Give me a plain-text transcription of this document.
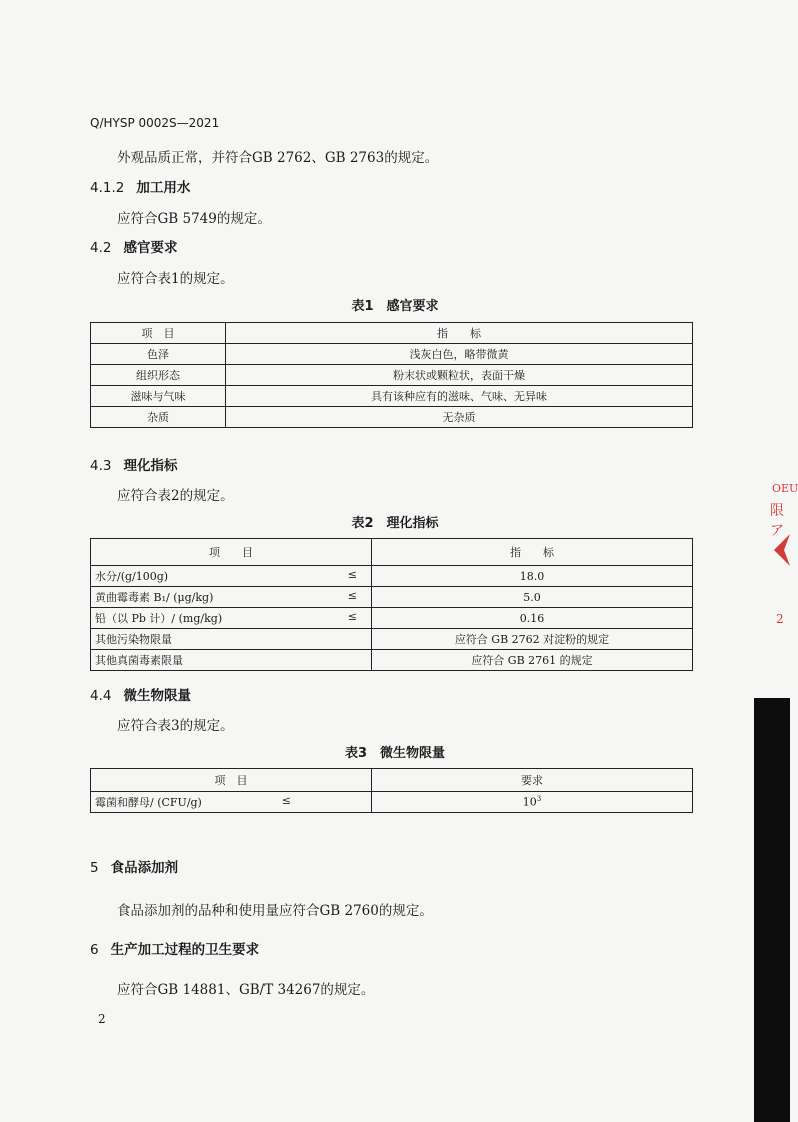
Q/HYSP 0002S—2021
外观品质正常，并符合GB 2762、GB 2763的规定。
4.1.2 加工用水
应符合GB 5749的规定。
4.2 感官要求
应符合表1的规定。
表1　感官要求
项　目	指　　标
色泽	浅灰白色，略带微黄
组织形态	粉末状或颗粒状，表面干燥
滋味与气味	具有该种应有的滋味、气味、无异味
杂质	无杂质
4.3 理化指标
应符合表2的规定。
表2　理化指标
项　　目	指　　标
水分/(g/100g) ≤	18.0
黄曲霉毒素 B₁/ (μg/kg) ≤	5.0
铅（以 Pb 计）/ (mg/kg) ≤	0.16
其他污染物限量	应符合 GB 2762 对淀粉的规定
其他真菌毒素限量	应符合 GB 2761 的规定
4.4 微生物限量
应符合表3的规定。
表3　微生物限量
项　目	要求
霉菌和酵母/ (CFU/g) ≤	$10^3$
5 食品添加剂
食品添加剂的品种和使用量应符合GB 2760的规定。
6 生产加工过程的卫生要求
应符合GB 14881、GB/T 34267的规定。
2
OEU
限ア
2
